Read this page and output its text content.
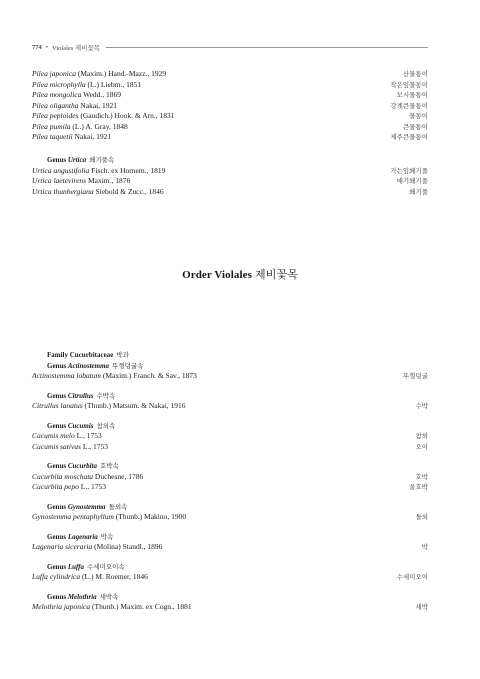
774 • Violales 제비꽃목
Pilea japonica (Maxim.) Hand.-Mazz., 1929	산물통이
Pilea microphylla (L.) Liebm., 1851	작은잎물통이
Pilea mongolica Wedd., 1869	모시물통이
Pilea oligantha Nakai, 1921	강계큰물통이
Pilea peploides (Gaudich.) Hook. & Arn., 1831	물통이
Pilea pumila (L.) A. Gray, 1848	큰물통이
Pilea taquetii Nakai, 1921	제주큰물통이
Genus Urtica 쐐기풀속
Urtica angustifolia Fisch. ex Hornem., 1819	가는잎쐐기풀
Urtica laetevirens Maxim., 1876	애기쐐기풀
Urtica thunbergiana Siebold & Zucc., 1846	쐐기풀
Order Violales 제비꽃목
Family Cucurbitaceae 박과
Genus Actinostemma 뚜껑덩굴속
Actinostemma lobatum (Maxim.) Franch. & Sav., 1873	뚜껑덩굴
Genus Citrullus 수박속
Citrullus lanatus (Thunb.) Matsum. & Nakai, 1916	수박
Genus Cucumis 참외속
Cucumis melo L., 1753	참외
Cucumis sativus L., 1753	오이
Genus Cucurbita 호박속
Cucurbita moschata Duchesne, 1786	호박
Cucurbita pepo L., 1753	울호박
Genus Gynostemma 돌외속
Gynostemma pentaphyllum (Thunb.) Makino, 1900	돌외
Genus Lagenaria 박속
Lagenaria siceraria (Molina) Standl., 1896	박
Genus Luffa 수세미오이속
Luffa cylindrica (L.) M. Roemer, 1846	수세미오이
Genus Melothria 새박속
Melothria japonica (Thunb.) Maxim. ex Cogn., 1881	새박
